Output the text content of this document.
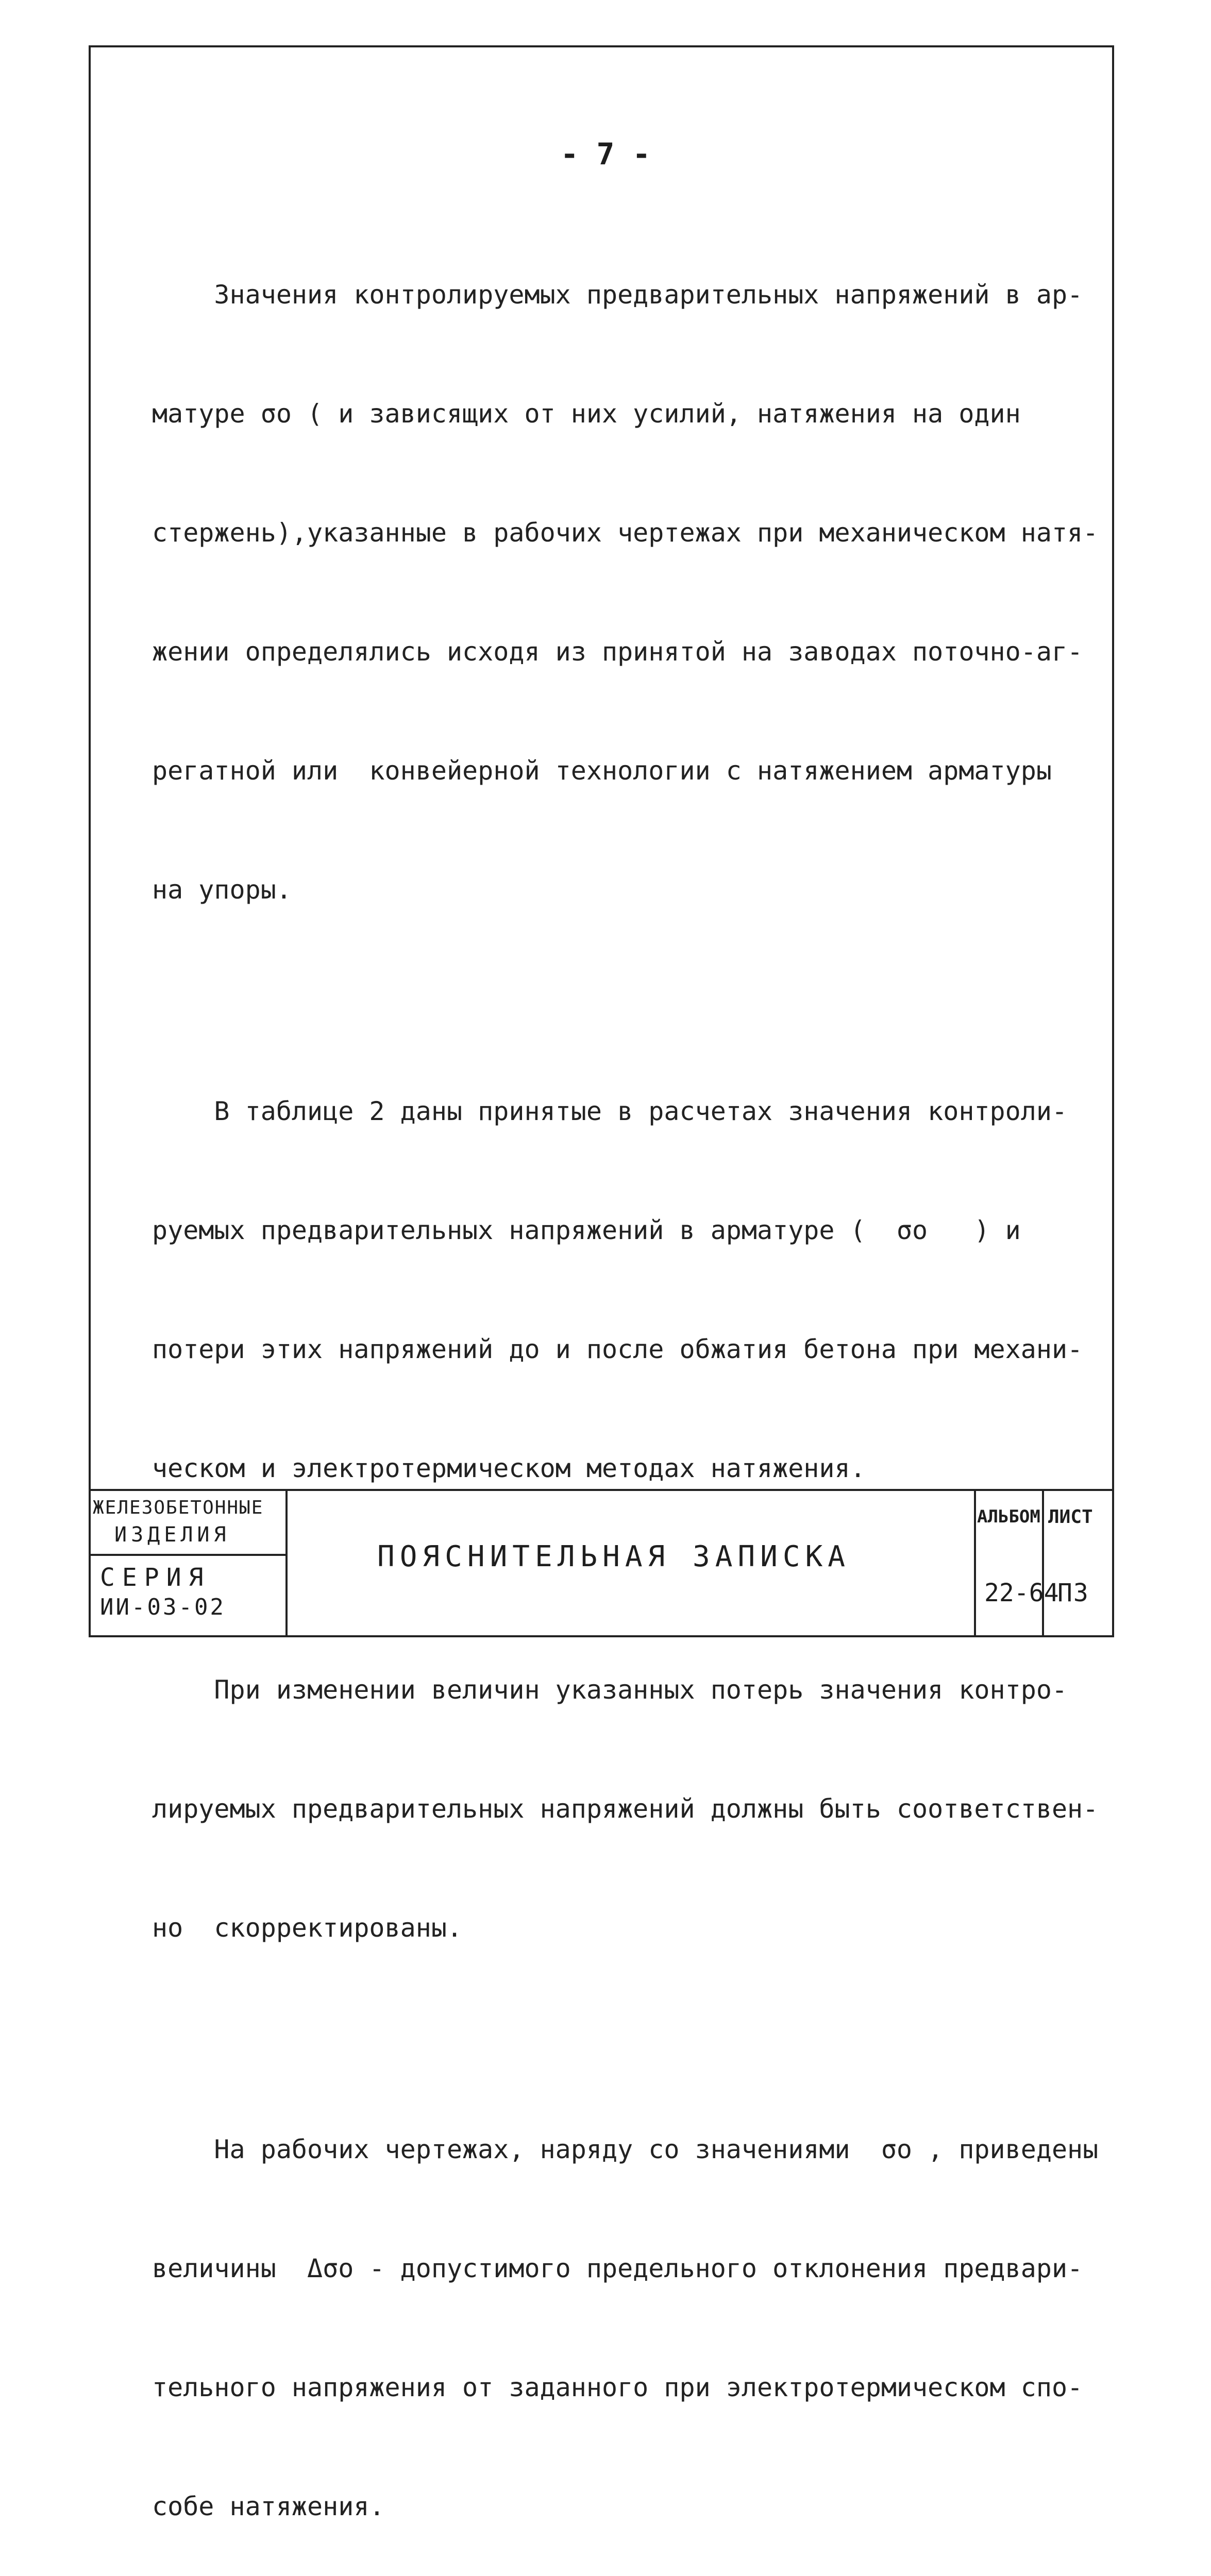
- 7 -

Значения контролируемых предварительных напряжений в ар-

матуре σo ( и зависящих от них усилий, натяжения на один

стержень),указанные в рабочих чертежах при механическом натя-

жении определялись исходя из принятой на заводах поточно-аг-

регатной или  конвейерной технологии с натяжением арматуры

на упоры.

В таблице 2 даны принятые в расчетах значения контроли-

руемых предварительных напряжений в арматуре (  σo   ) и

потери этих напряжений до и после обжатия бетона при механи-

ческом и электротермическом методах натяжения.

При изменении величин указанных потерь значения контро-

лируемых предварительных напряжений должны быть соответствен-

но  скорректированы.

На рабочих чертежах, наряду со значениями  σo , приведены

величины  Δσo - допустимого предельного отклонения предвари-

тельного напряжения от заданного при электротермическом спо-

собе натяжения.

ЖЕЛЕЗОБЕТОННЫЕ
ИЗДЕЛИЯ
СЕРИЯ
ИИ-03-02
ПОЯСНИТЕЛЬНАЯ ЗАПИСКА
АЛЬБОМ
22-64
ЛИСТ
П3
